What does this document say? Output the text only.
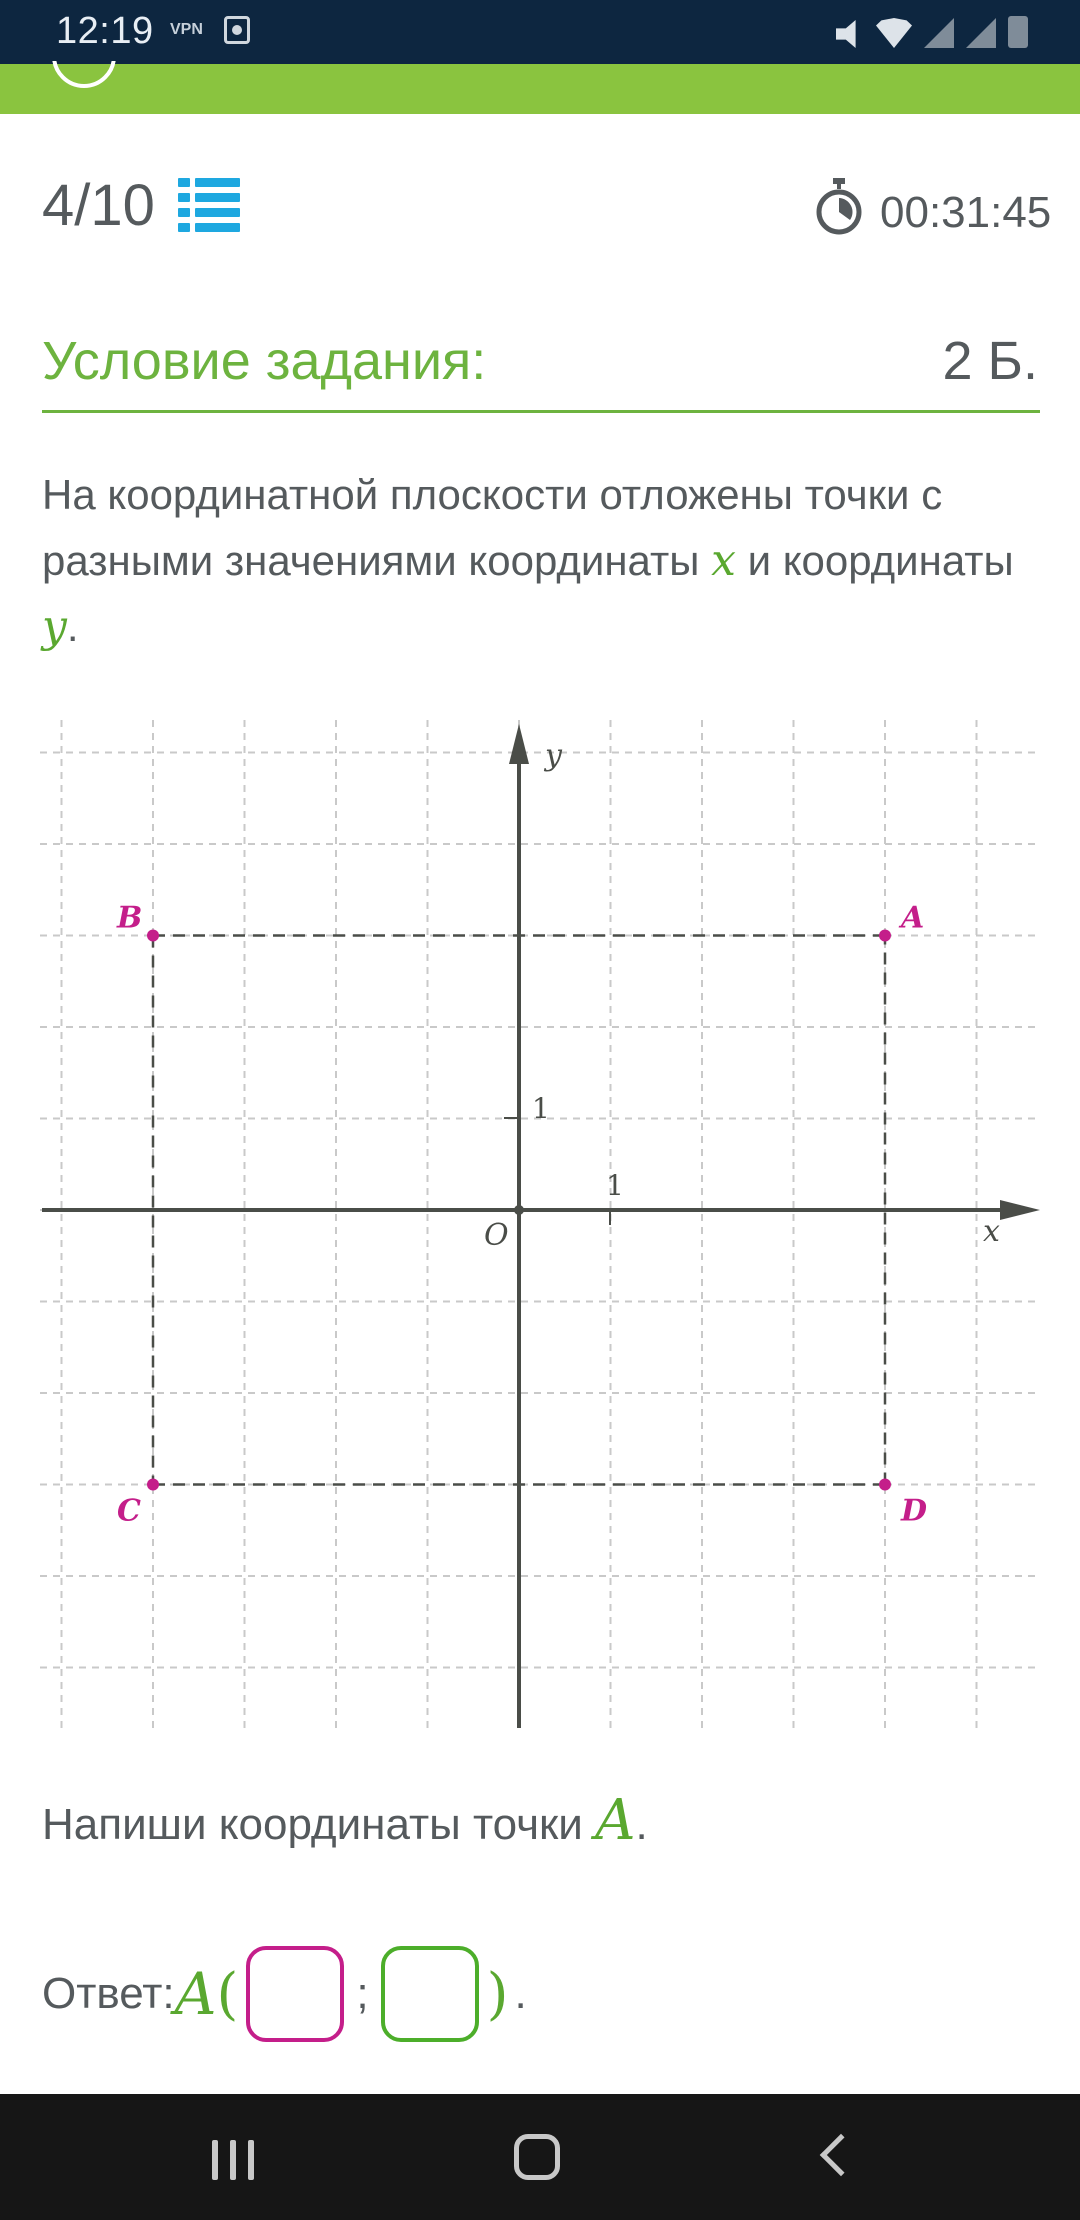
12:19 VPN
4/10	00:31:45
Условие задания:	2 Б.
На координатной плоскости отложены точки с разными значениями координаты x и координаты
y.
y
x
O
1
1
A
B
C	D
Напиши координаты точки A.
Ответ: A (	; ) .
